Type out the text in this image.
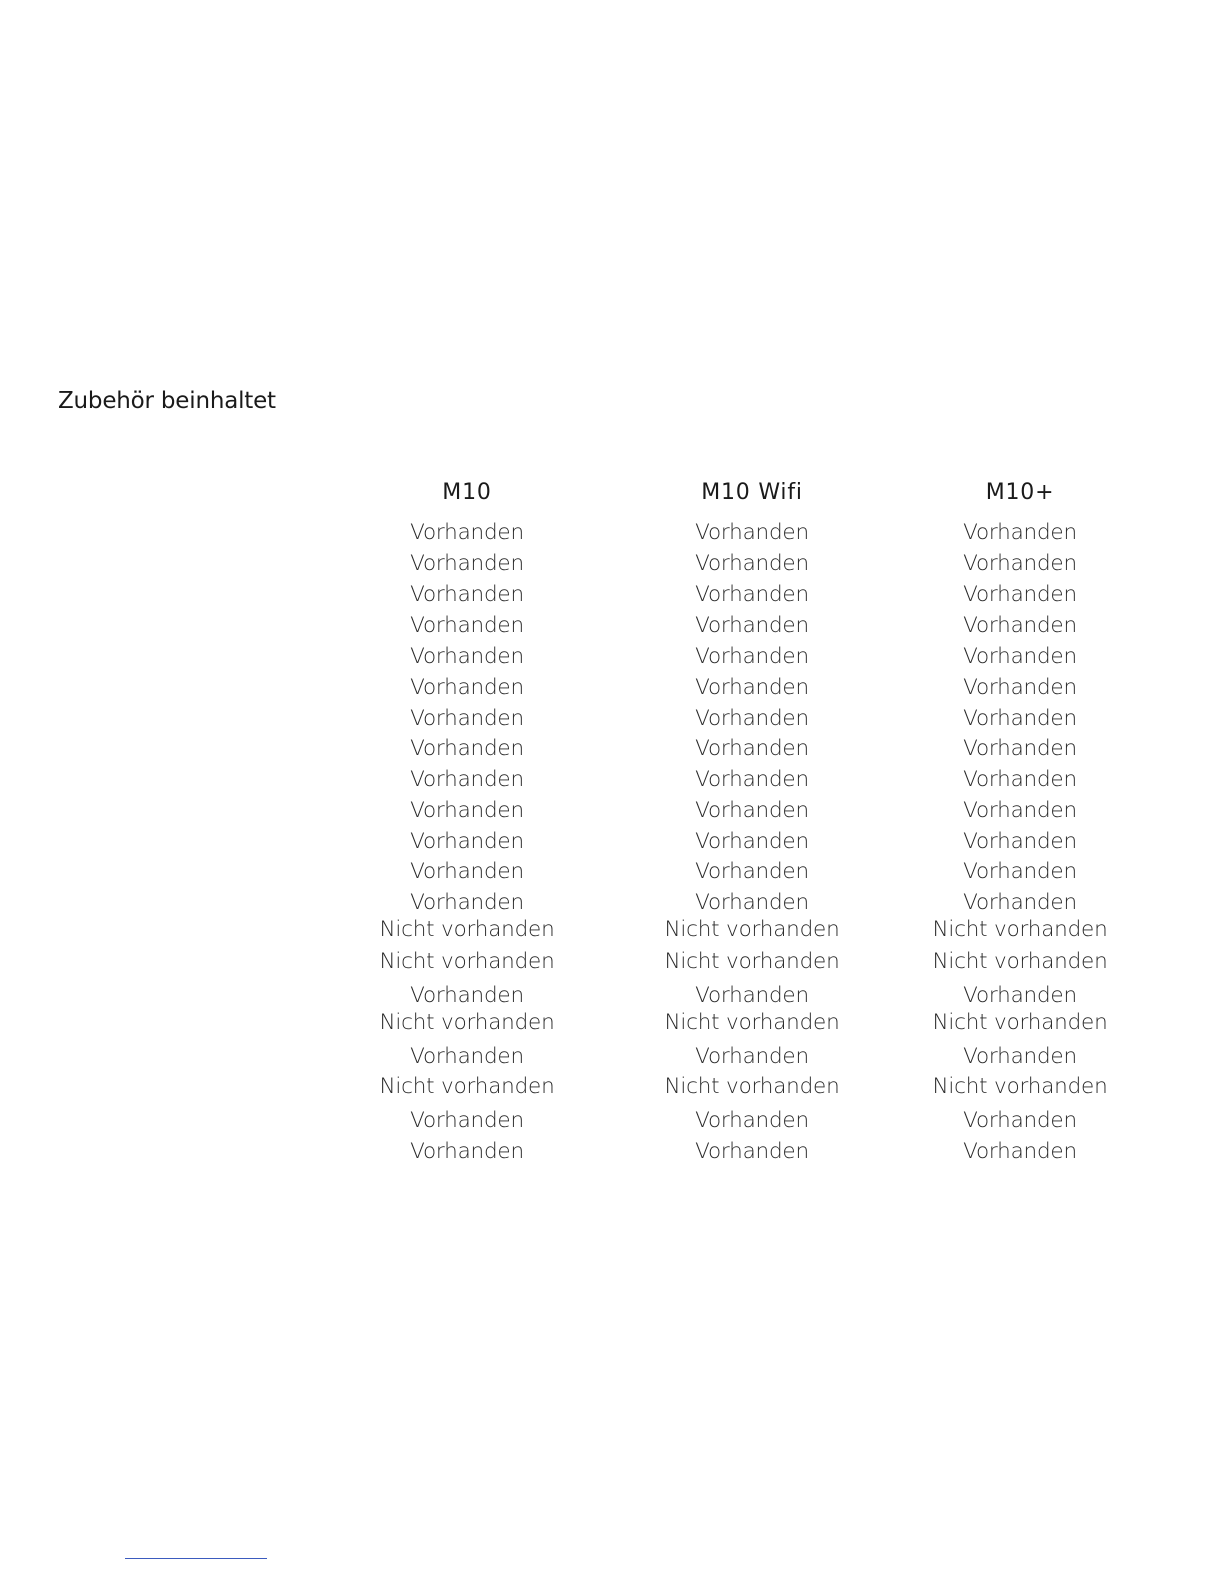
Zubehör beinhaltet
M10	M10 Wifi	M10+
Vorhanden	Vorhanden	Vorhanden
Vorhanden	Vorhanden	Vorhanden
Vorhanden	Vorhanden	Vorhanden
Vorhanden	Vorhanden	Vorhanden
Vorhanden	Vorhanden	Vorhanden
Vorhanden	Vorhanden	Vorhanden
Vorhanden	Vorhanden	Vorhanden
Vorhanden	Vorhanden	Vorhanden
Vorhanden	Vorhanden	Vorhanden
Vorhanden	Vorhanden	Vorhanden
Vorhanden	Vorhanden	Vorhanden
Vorhanden	Vorhanden	Vorhanden
Vorhanden	Vorhanden	Vorhanden
Nicht vorhanden	Nicht vorhanden	Nicht vorhanden
Nicht vorhanden	Nicht vorhanden	Nicht vorhanden
Vorhanden	Vorhanden	Vorhanden
Nicht vorhanden	Nicht vorhanden	Nicht vorhanden
Vorhanden	Vorhanden	Vorhanden
Nicht vorhanden	Nicht vorhanden	Nicht vorhanden
Vorhanden	Vorhanden	Vorhanden
Vorhanden	Vorhanden	Vorhanden
